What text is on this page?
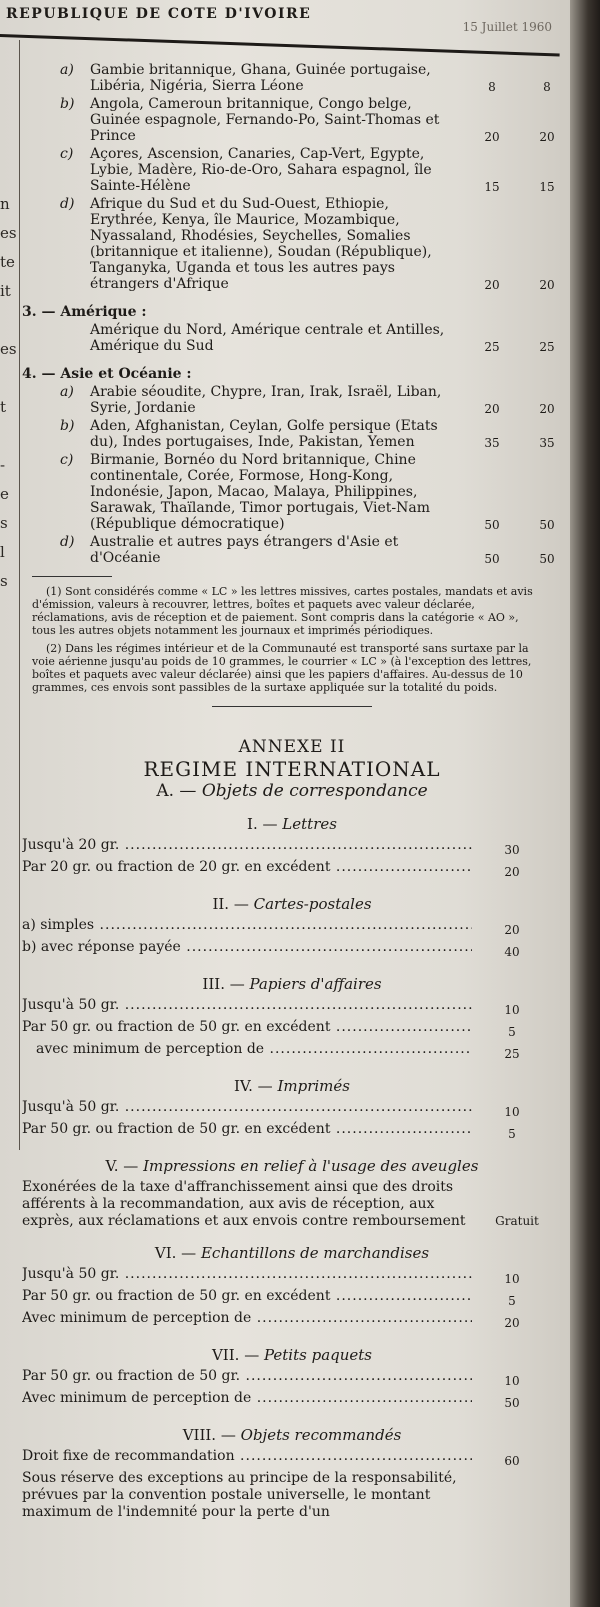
REPUBLIQUE DE COTE D'IVOIRE
15 Juillet 1960
n
es
te
it
es
t
-
e
s
l
s
a)	Gambie britannique, Ghana, Guinée portugaise, Libéria, Nigéria, Sierra Léone	8	8
b)	Angola, Cameroun britannique, Congo belge, Guinée espagnole, Fernando-Po, Saint-Thomas et Prince	20	20
c)	Açores, Ascension, Canaries, Cap-Vert, Egypte, Lybie, Madère, Rio-de-Oro, Sahara espagnol, île Sainte-Hélène	15	15
d)	Afrique du Sud et du Sud-Ouest, Ethiopie, Erythrée, Kenya, île Maurice, Mozambique, Nyassaland, Rhodésies, Seychelles, Somalies (britannique et italienne), Soudan (République), Tanganyka, Uganda et tous les autres pays étrangers d'Afrique	20	20
3. — Amérique :
Amérique du Nord, Amérique centrale et Antilles, Amérique du Sud	25	25
4. — Asie et Océanie :
a)	Arabie séoudite, Chypre, Iran, Irak, Israël, Liban, Syrie, Jordanie	20	20
b)	Aden, Afghanistan, Ceylan, Golfe persique (Etats du), Indes portugaises, Inde, Pakistan, Yemen	35	35
c)	Birmanie, Bornéo du Nord britannique, Chine continentale, Corée, Formose, Hong-Kong, Indonésie, Japon, Macao, Malaya, Philippines, Sarawak, Thaïlande, Timor portugais, Viet-Nam (République démocratique)	50	50
d)	Australie et autres pays étrangers d'Asie et d'Océanie	50	50

(1) Sont considérés comme « LC » les lettres missives, cartes postales, mandats et avis d'émission, valeurs à recouvrer, lettres, boîtes et paquets avec valeur déclarée, réclamations, avis de réception et de paiement. Sont compris dans la catégorie « AO », tous les autres objets notamment les journaux et imprimés périodiques.

(2) Dans les régimes intérieur et de la Communauté est transporté sans surtaxe par la voie aérienne jusqu'au poids de 10 grammes, le courrier « LC » (à l'exception des lettres, boîtes et paquets avec valeur déclarée) ainsi que les papiers d'affaires. Au-dessus de 10 grammes, ces envois sont passibles de la surtaxe appliquée sur la totalité du poids.

ANNEXE II
REGIME INTERNATIONAL
A. — Objets de correspondance
I. — Lettres
Jusqu'à 20 gr. .....	30
Par 20 gr. ou fraction de 20 gr. en excédent .....	20
II. — Cartes-postales
a) simples .....	20
b) avec réponse payée .....	40
III. — Papiers d'affaires
Jusqu'à 50 gr. .....	10
Par 50 gr. ou fraction de 50 gr. en excédent .....	5
avec minimum de perception de .....	25
IV. — Imprimés
Jusqu'à 50 gr. .....	10
Par 50 gr. ou fraction de 50 gr. en excédent .....	5
V. — Impressions en relief à l'usage des aveugles
Exonérées de la taxe d'affranchissement ainsi que des droits afférents à la recommandation, aux avis de réception, aux exprès, aux réclamations et aux envois contre remboursement Gratuit
VI. — Echantillons de marchandises
Jusqu'à 50 gr. .....	10
Par 50 gr. ou fraction de 50 gr. en excédent .....	5
Avec minimum de perception de .....	20
VII. — Petits paquets
Par 50 gr. ou fraction de 50 gr. .....	10
Avec minimum de perception de .....	50
VIII. — Objets recommandés
Droit fixe de recommandation .....	60
Sous réserve des exceptions au principe de la responsabilité, prévues par la convention postale universelle, le montant maximum de l'indemnité pour la perte d'un
